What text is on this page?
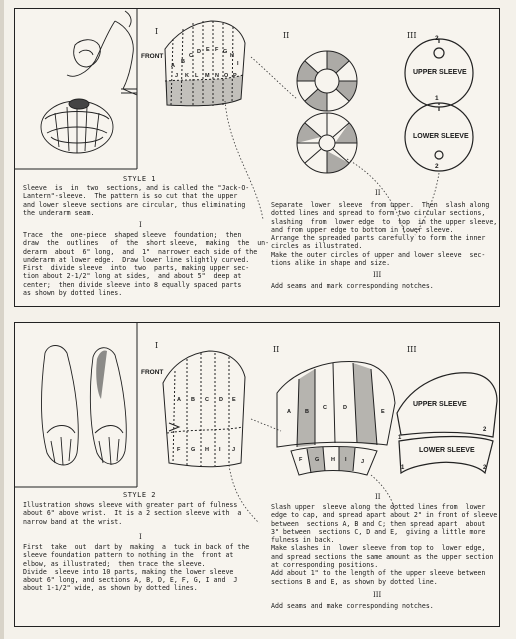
I	II	III
FRONT
UPPER SLEEVE
LOWER SLEEVE
2
1
2
A
B
C
D E F G
H
I
J K L M N O P
STYLE 1
Sleeve  is  in  two  sections, and is called the "Jack-O-
Lantern"-sleeve.  The pattern is so cut that the upper
and lower sleeve sections are circular, thus eliminating
the underarm seam.
I
Trace  the  one-piece  shaped sleeve  foundation;  then
draw  the  outlines   of  the  short sleeve,  making  the  un-
derarm  about  6" long,  and  1"  narrower each side of the
underarm at lower edge.  Draw lower line slightly curved.
First  divide sleeve  into  two  parts, making upper sec-
tion about 2-1/2" long at sides,  and about 5"  deep at
center;  then divide sleeve into 8 equally spaced parts
as shown by dotted lines.
II
Separate  lower  sleeve  from upper.  Then  slash along
dotted lines and spread to form two circular sections,
slashing  from  lower edge  to  top  in the upper sleeve,
and from upper edge to bottom in lower sleeve.
Arrange the spreaded parts carefully to form the inner
circles as illustrated.
Make the outer circles of upper and lower sleeve  sec-
tions alike in shape and size.
III
Add seams and mark corresponding notches.
I	II	III
FRONT
UPPER SLEEVE
LOWER SLEEVE
1
2
1	2
A B C D E
F G H I J
A	B
C	D
E
F G H I	J
STYLE 2
Illustration shows sleeve with greater part of fulness
about 6" above wrist.  It is a 2 section sleeve with  a
narrow band at the wrist.
I
First  take  out  dart by  making  a  tuck in back of the
sleeve foundation pattern to nothing in the  front at
elbow, as illustrated;  then trace the sleeve.
Divide  sleeve into 10 parts, making the lower sleeve
about 6" long, and sections A, B, D, E, F, G, I and  J
about 1-1/2" wide, as shown by dotted lines.
II
Slash upper  sleeve along the dotted lines from  lower
edge to cap, and spread apart about 2" in front of sleeve
between  sections A, B and C; then spread apart  about
3" between  sections C, D and E,  giving a little more
fulness in back.
Make slashes in  lower sleeve from top to  lower edge,
and spread sections the same amount as the upper section
at corresponding positions.
Add about 1" to the length of the upper sleeve between
sections B and E, as shown by dotted line.
III
Add seams and make corresponding notches.
